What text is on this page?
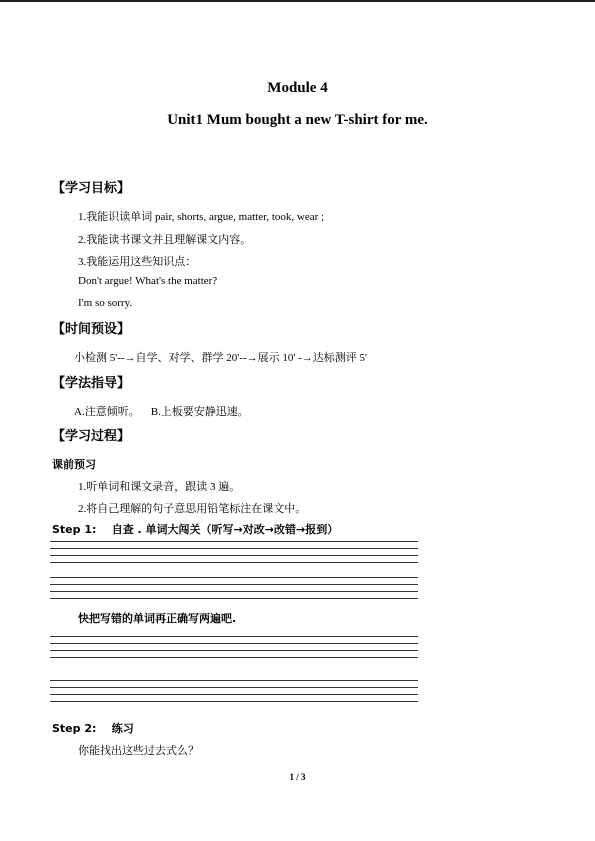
Module 4
Unit1 Mum bought a new T-shirt for me.
【学习目标】
1.我能识读单词 pair, shorts, argue, matter, took, wear ;
2.我能读书课文并且理解课文内容。
3.我能运用这些知识点：
Don't argue! What's the matter?
I'm so sorry.
【时间预设】
小检测 5'--→自学、对学、群学 20'--→展示 10' -→达标测评 5'
【学法指导】
A.注意倾听。    B.上板要安静迅速。
【学习过程】
课前预习
1.听单词和课文录音，跟读 3 遍。
2.将自己理解的句子意思用铅笔标注在课文中。
Step 1:    自查 . 单词大闯关（听写→对改→改错→报到）
快把写错的单词再正确写两遍吧.
Step 2:    练习
你能找出这些过去式么？
1 / 3
